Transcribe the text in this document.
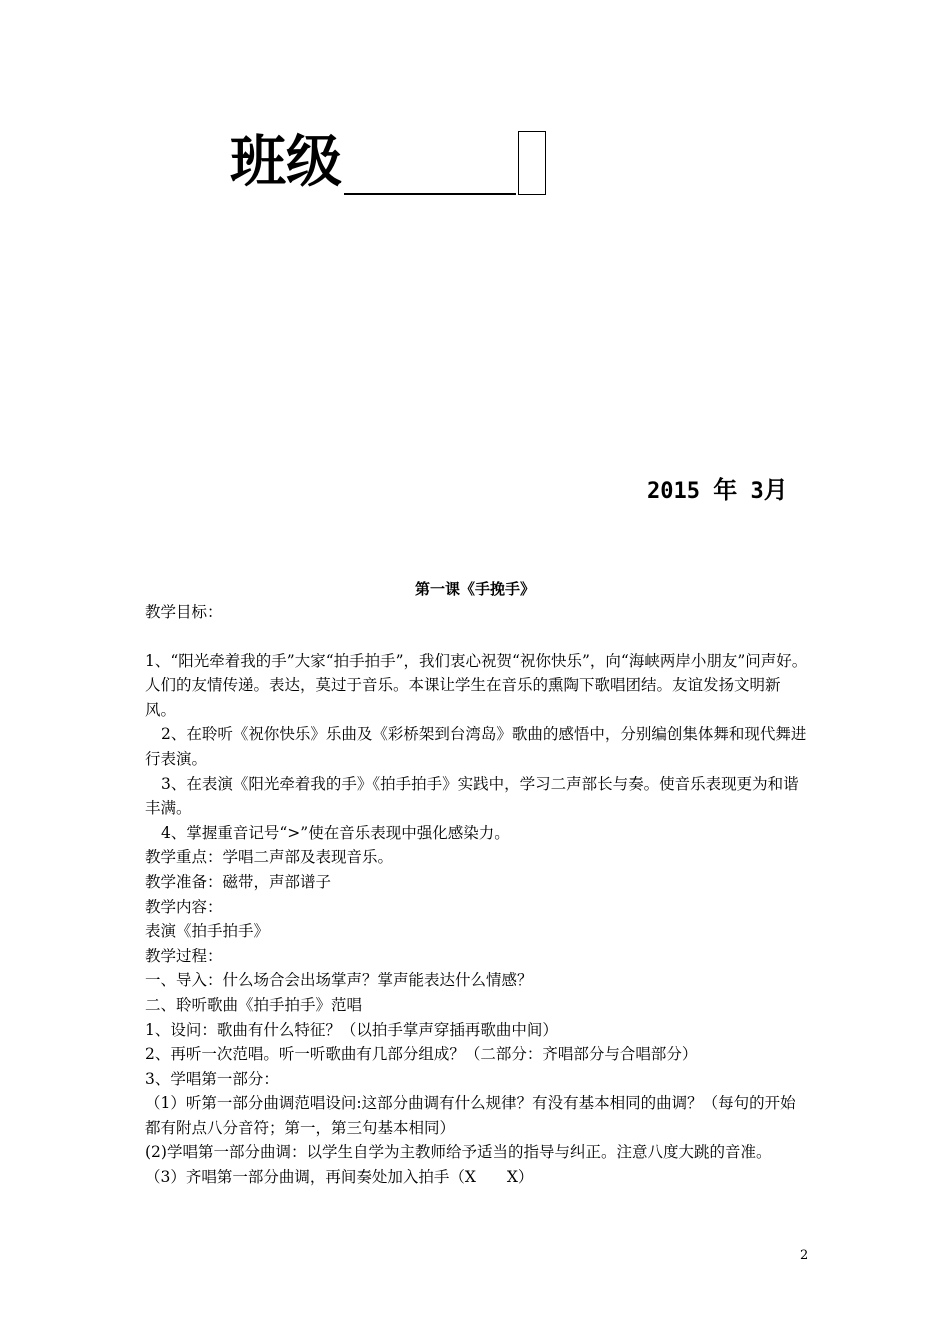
班级
2015 年 3月
第一课《手挽手》

教学目标：

1、“阳光牵着我的手”大家“拍手拍手”，我们衷心祝贺“祝你快乐”，向“海峡两岸小朋友”问声好。人们的友情传递。表达，莫过于音乐。本课让学生在音乐的熏陶下歌唱团结。友谊发扬文明新风。

2、在聆听《祝你快乐》乐曲及《彩桥架到台湾岛》歌曲的感悟中，分别编创集体舞和现代舞进行表演。

3、在表演《阳光牵着我的手》《拍手拍手》实践中，学习二声部长与奏。使音乐表现更为和谐丰满。

4、掌握重音记号“>”使在音乐表现中强化感染力。

教学重点：学唱二声部及表现音乐。

教学准备：磁带，声部谱子

教学内容：

表演《拍手拍手》

教学过程：

一、导入：什么场合会出场掌声？掌声能表达什么情感？

二、聆听歌曲《拍手拍手》范唱

1、设问：歌曲有什么特征？（以拍手掌声穿插再歌曲中间）

2、再听一次范唱。听一听歌曲有几部分组成？（二部分：齐唱部分与合唱部分）

3、学唱第一部分：

（1）听第一部分曲调范唱设问:这部分曲调有什么规律？有没有基本相同的曲调？（每句的开始都有附点八分音符；第一，第三句基本相同）

(2)学唱第一部分曲调：以学生自学为主教师给予适当的指导与纠正。注意八度大跳的音准。

（3）齐唱第一部分曲调，再间奏处加入拍手（X　　X）

2
